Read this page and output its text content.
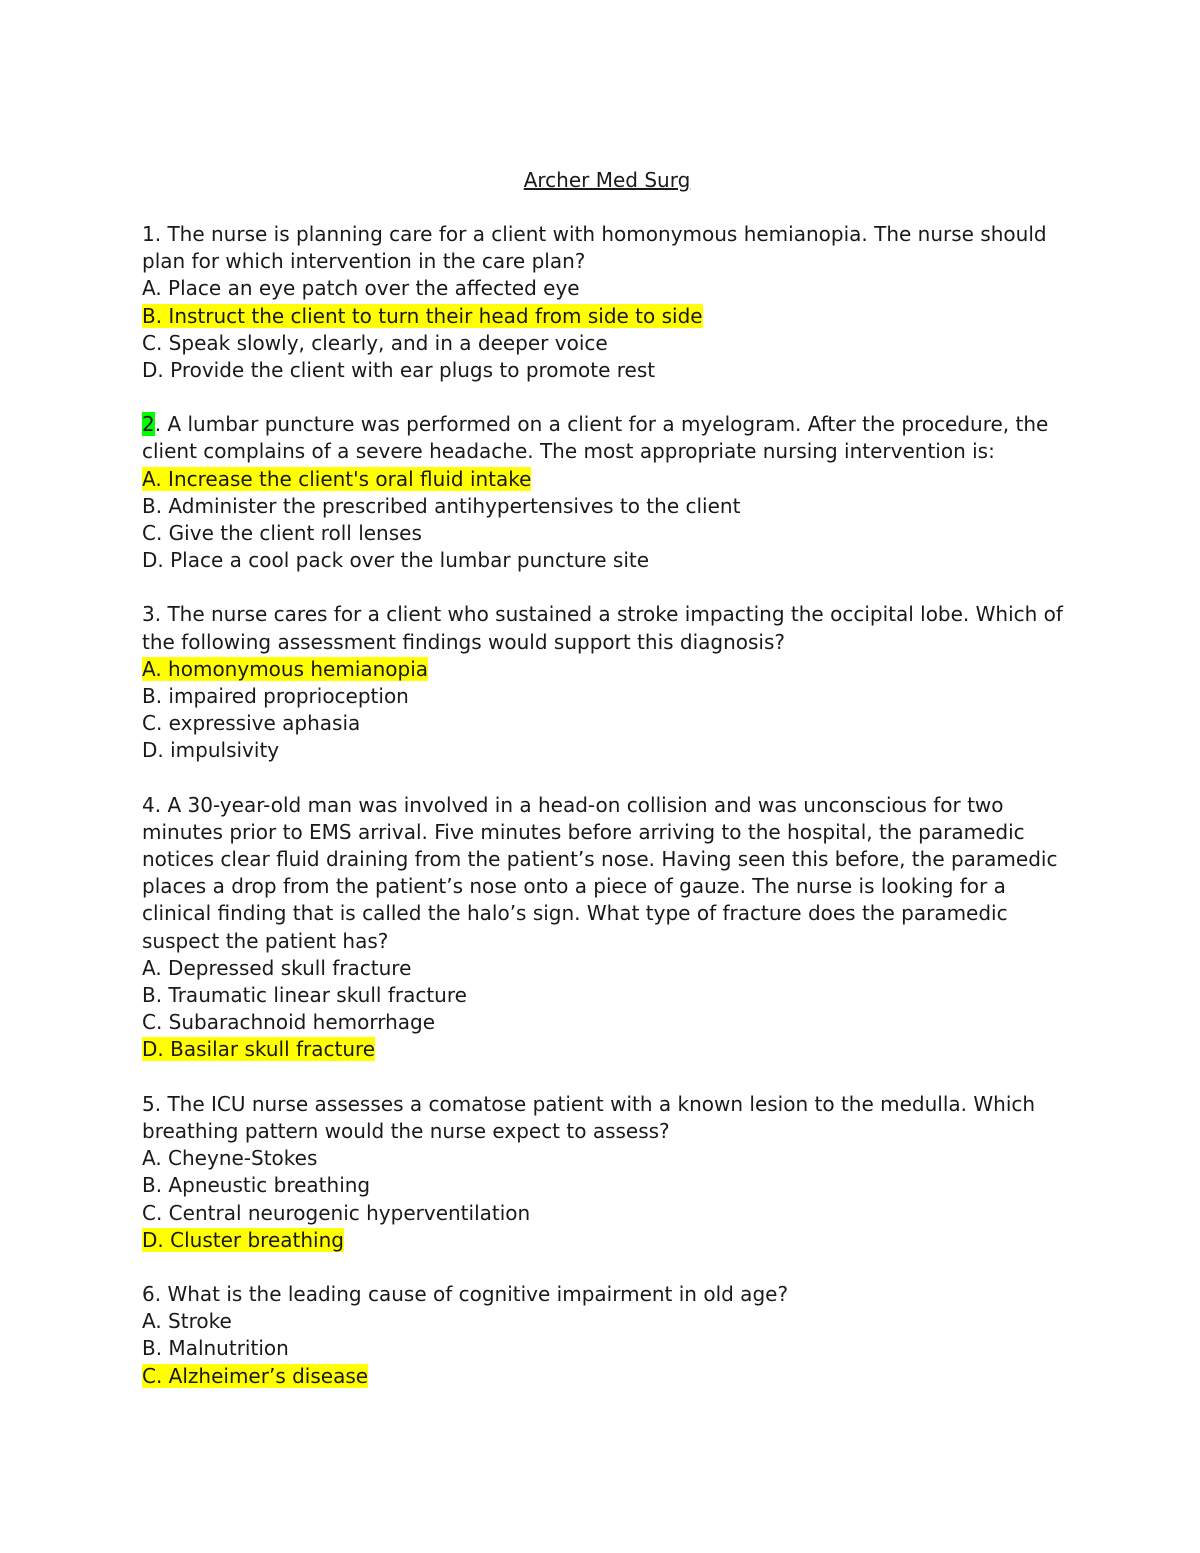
Archer Med Surg

1. The nurse is planning care for a client with homonymous hemianopia. The nurse should plan for which intervention in the care plan?

A. Place an eye patch over the affected eye

B. Instruct the client to turn their head from side to side

C. Speak slowly, clearly, and in a deeper voice

D. Provide the client with ear plugs to promote rest

2. A lumbar puncture was performed on a client for a myelogram. After the procedure, the client complains of a severe headache. The most appropriate nursing intervention is:

A. Increase the client's oral fluid intake

B. Administer the prescribed antihypertensives to the client

C. Give the client roll lenses

D. Place a cool pack over the lumbar puncture site

3. The nurse cares for a client who sustained a stroke impacting the occipital lobe. Which of the following assessment findings would support this diagnosis?

A. homonymous hemianopia

B. impaired proprioception

C. expressive aphasia

D. impulsivity

4. A 30-year-old man was involved in a head-on collision and was unconscious for two minutes prior to EMS arrival. Five minutes before arriving to the hospital, the paramedic notices clear fluid draining from the patient’s nose. Having seen this before, the paramedic places a drop from the patient’s nose onto a piece of gauze. The nurse is looking for a clinical finding that is called the halo’s sign. What type of fracture does the paramedic suspect the patient has?

A. Depressed skull fracture

B. Traumatic linear skull fracture

C. Subarachnoid hemorrhage

D. Basilar skull fracture

5. The ICU nurse assesses a comatose patient with a known lesion to the medulla. Which breathing pattern would the nurse expect to assess?

A. Cheyne-Stokes

B. Apneustic breathing

C. Central neurogenic hyperventilation

D. Cluster breathing

6. What is the leading cause of cognitive impairment in old age?

A. Stroke

B. Malnutrition

C. Alzheimer’s disease
